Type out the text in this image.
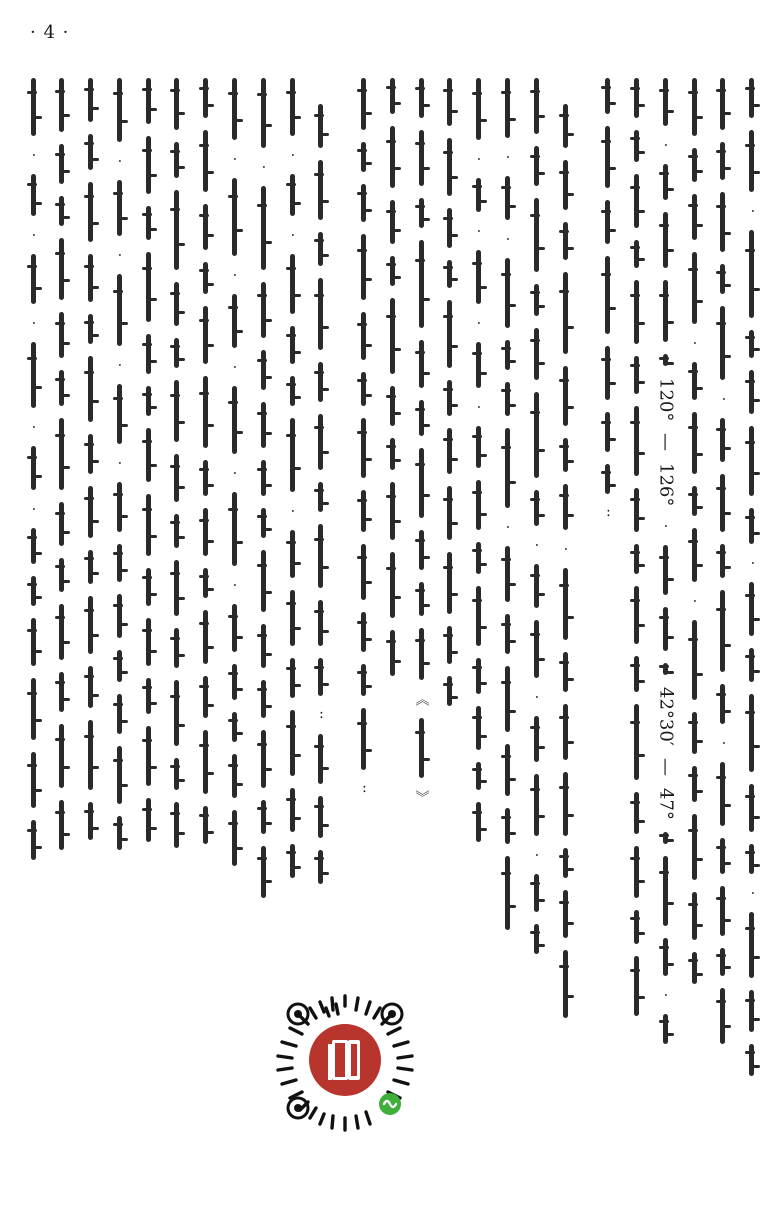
· 4 ·
·
·
·
·
·
·
·
·
120°
—
126°
·
42°30′
—
47°
·
··
·
·
·
·
·
·
·
·
·
·
·
《
》
··
··
·
·
·
·
·
·
·
·
·
·
·
·
·
·
·
·
·
·
